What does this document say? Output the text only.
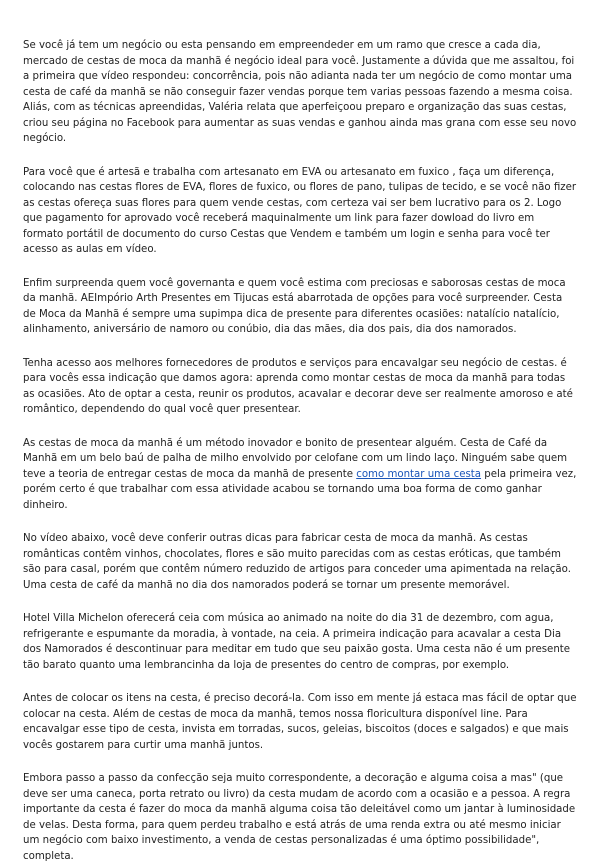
Se você já tem um negócio ou esta pensando em empreendeder em um ramo que cresce a cada dia, mercado de cestas de moca da manhã é negócio ideal para você. Justamente a dúvida que me assaltou, foi a primeira que vídeo respondeu: concorrência, pois não adianta nada ter um negócio de como montar uma cesta de café da manhã se não conseguir fazer vendas porque tem varias pessoas fazendo a mesma coisa. Aliás, com as técnicas apreendidas, Valéria relata que aperfeiçoou preparo e organização das suas cestas, criou seu página no Facebook para aumentar as suas vendas e ganhou ainda mas grana com esse seu novo negócio.

Para você que é artesã e trabalha com artesanato em EVA ou artesanato em fuxico , faça um diferença, colocando nas cestas flores de EVA, flores de fuxico, ou flores de pano, tulipas de tecido, e se você não fizer as cestas ofereça suas flores para quem vende cestas, com certeza vai ser bem lucrativo para os 2. Logo que pagamento for aprovado você receberá maquinalmente um link para fazer dowload do livro em formato portátil de documento do curso Cestas que Vendem e também um login e senha para você ter acesso as aulas em vídeo.

Enfim surpreenda quem você governanta e quem você estima com preciosas e saborosas cestas de moca da manhã. AEImpório Arth Presentes em Tijucas está abarrotada de opções para você surpreender. Cesta de Moca da Manhã é sempre uma supimpa dica de presente para diferentes ocasiões: natalício natalício, alinhamento, aniversário de namoro ou conúbio, dia das mães, dia dos pais, dia dos namorados.

Tenha acesso aos melhores fornecedores de produtos e serviços para encavalgar seu negócio de cestas. é para vocês essa indicação que damos agora: aprenda como montar cestas de moca da manhã para todas as ocasiões. Ato de optar a cesta, reunir os produtos, acavalar e decorar deve ser realmente amoroso e até romântico, dependendo do qual você quer presentear.

As cestas de moca da manhã é um método inovador e bonito de presentear alguém. Cesta de Café da Manhã em um belo baú de palha de milho envolvido por celofane com um lindo laço. Ninguém sabe quem teve a teoria de entregar cestas de moca da manhã de presente como montar uma cesta pela primeira vez, porém certo é que trabalhar com essa atividade acabou se tornando uma boa forma de como ganhar dinheiro.

No vídeo abaixo, você deve conferir outras dicas para fabricar cesta de moca da manhã. As cestas românticas contêm vinhos, chocolates, flores e são muito parecidas com as cestas eróticas, que também são para casal, porém que contêm número reduzido de artigos para conceder uma apimentada na relação. Uma cesta de café da manhã no dia dos namorados poderá se tornar um presente memorável.

Hotel Villa Michelon oferecerá ceia com música ao animado na noite do dia 31 de dezembro, com agua, refrigerante e espumante da moradia, à vontade, na ceia. A primeira indicação para acavalar a cesta Dia dos Namorados é descontinuar para meditar em tudo que seu paixão gosta. Uma cesta não é um presente tão barato quanto uma lembrancinha da loja de presentes do centro de compras, por exemplo.

Antes de colocar os itens na cesta, é preciso decorá-la. Com isso em mente já estaca mas fácil de optar que colocar na cesta. Além de cestas de moca da manhã, temos nossa floricultura disponível line. Para encavalgar esse tipo de cesta, invista em torradas, sucos, geleias, biscoitos (doces e salgados) e que mais vocês gostarem para curtir uma manhã juntos.

Embora passo a passo da confecção seja muito correspondente, a decoração e alguma coisa a mas" (que deve ser uma caneca, porta retrato ou livro) da cesta mudam de acordo com a ocasião e a pessoa. A regra importante da cesta é fazer do moca da manhã alguma coisa tão deleitável como um jantar à luminosidade de velas. Desta forma, para quem perdeu trabalho e está atrás de uma renda extra ou até mesmo iniciar um negócio com baixo investimento, a venda de cestas personalizadas é uma óptimo possibilidade", completa.
